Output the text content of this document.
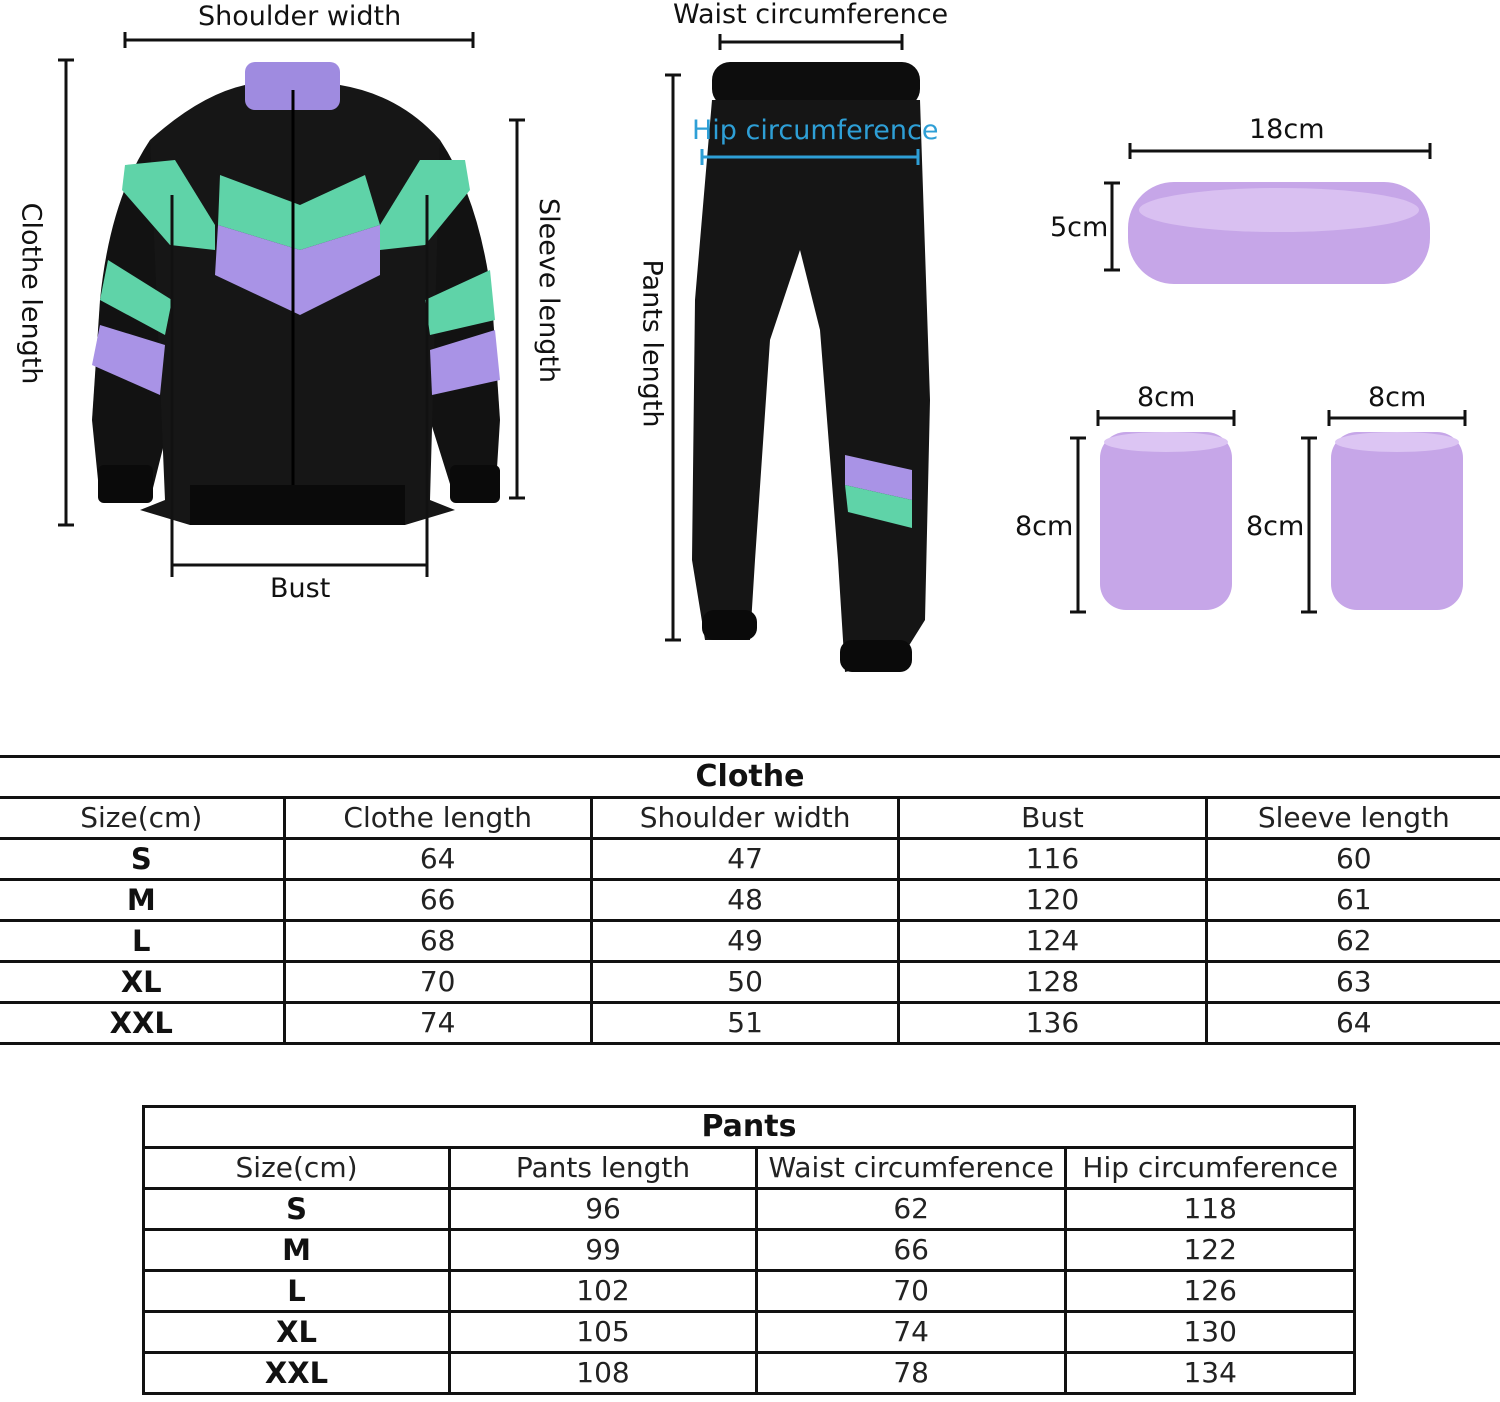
Shoulder width
Clothe length	Sleeve length
Bust
Waist circumference
Hip circumference
Pants length
18cm
5cm
8cm
8cm
8cm
8cm
Clothe				
Size(cm)	Clothe length	Shoulder width	Bust	Sleeve length
S	64	47	116	60
M	66	48	120	61
L	68	49	124	62
XL	70	50	128	63
XXL	74	51	136	64
Pants			
Size(cm)	Pants length	Waist circumference	Hip circumference
S	96	62	118
M	99	66	122
L	102	70	126
XL	105	74	130
XXL	108	78	134
